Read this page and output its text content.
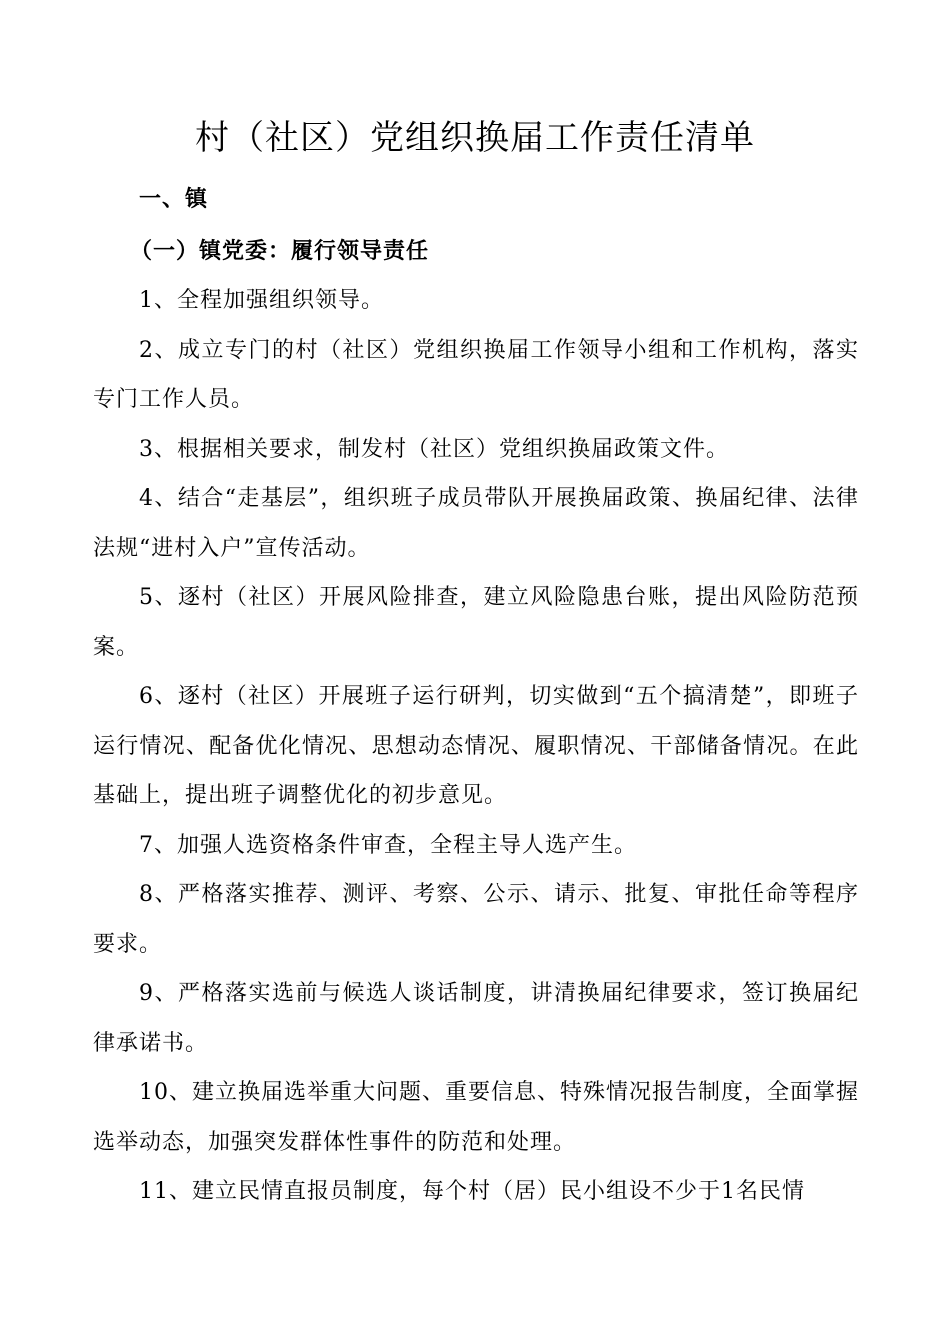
村（社区）党组织换届工作责任清单
一、镇
（一）镇党委：履行领导责任

1、全程加强组织领导。

2、成立专门的村（社区）党组织换届工作领导小组和工作机构，落实专门工作人员。

3、根据相关要求，制发村（社区）党组织换届政策文件。

4、结合“走基层”，组织班子成员带队开展换届政策、换届纪律、法律法规“进村入户”宣传活动。

5、逐村（社区）开展风险排查，建立风险隐患台账，提出风险防范预案。

6、逐村（社区）开展班子运行研判，切实做到“五个搞清楚”，即班子运行情况、配备优化情况、思想动态情况、履职情况、干部储备情况。在此基础上，提出班子调整优化的初步意见。

7、加强人选资格条件审查，全程主导人选产生。

8、严格落实推荐、测评、考察、公示、请示、批复、审批任命等程序要求。

9、严格落实选前与候选人谈话制度，讲清换届纪律要求，签订换届纪律承诺书。

10、建立换届选举重大问题、重要信息、特殊情况报告制度，全面掌握选举动态，加强突发群体性事件的防范和处理。

11、建立民情直报员制度，每个村（居）民小组设不少于1名民情
